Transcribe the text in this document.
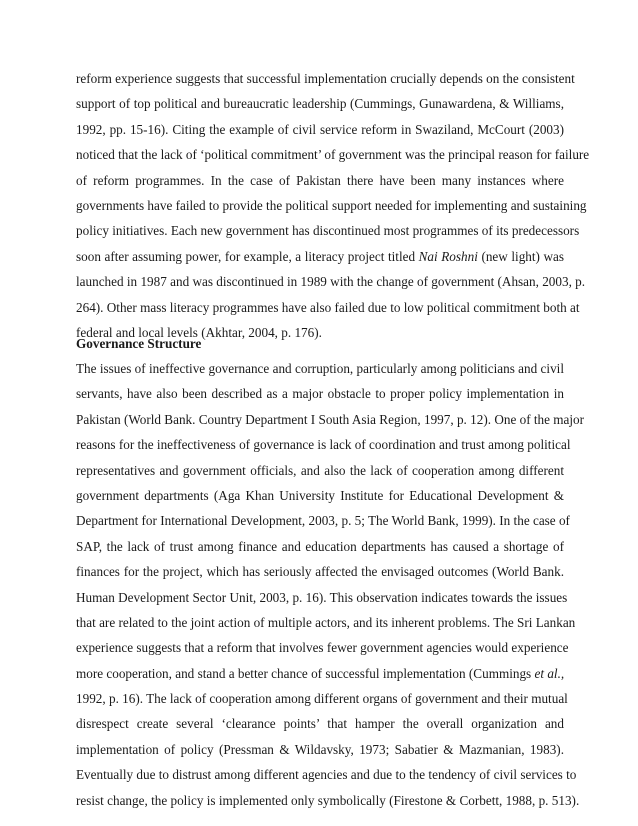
reform experience suggests that successful implementation crucially depends on the consistent
support of top political and bureaucratic leadership (Cummings, Gunawardena, & Williams,
1992, pp. 15-16). Citing the example of civil service reform in Swaziland, McCourt (2003)
noticed that the lack of ‘political commitment’ of government was the principal reason for failure
of reform programmes. In the case of Pakistan there have been many instances where
governments have failed to provide the political support needed for implementing and sustaining
policy initiatives. Each new government has discontinued most programmes of its predecessors
soon after assuming power, for example, a literacy project titled Nai Roshni (new light) was
launched in 1987 and was discontinued in 1989 with the change of government (Ahsan, 2003, p.
264). Other mass literacy programmes have also failed due to low political commitment both at
federal and local levels (Akhtar, 2004, p. 176).
Governance Structure
The issues of ineffective governance and corruption, particularly among politicians and civil
servants, have also been described as a major obstacle to proper policy implementation in
Pakistan (World Bank. Country Department I South Asia Region, 1997, p. 12). One of the major
reasons for the ineffectiveness of governance is lack of coordination and trust among political
representatives and government officials, and also the lack of cooperation among different
government departments (Aga Khan University Institute for Educational Development &
Department for International Development, 2003, p. 5; The World Bank, 1999). In the case of
SAP, the lack of trust among finance and education departments has caused a shortage of
finances for the project, which has seriously affected the envisaged outcomes (World Bank.
Human Development Sector Unit, 2003, p. 16). This observation indicates towards the issues
that are related to the joint action of multiple actors, and its inherent problems. The Sri Lankan
experience suggests that a reform that involves fewer government agencies would experience
more cooperation, and stand a better chance of successful implementation (Cummings et al.,
1992, p. 16). The lack of cooperation among different organs of government and their mutual
disrespect create several ‘clearance points’ that hamper the overall organization and
implementation of policy (Pressman & Wildavsky, 1973; Sabatier & Mazmanian, 1983).
Eventually due to distrust among different agencies and due to the tendency of civil services to
resist change, the policy is implemented only symbolically (Firestone & Corbett, 1988, p. 513).
